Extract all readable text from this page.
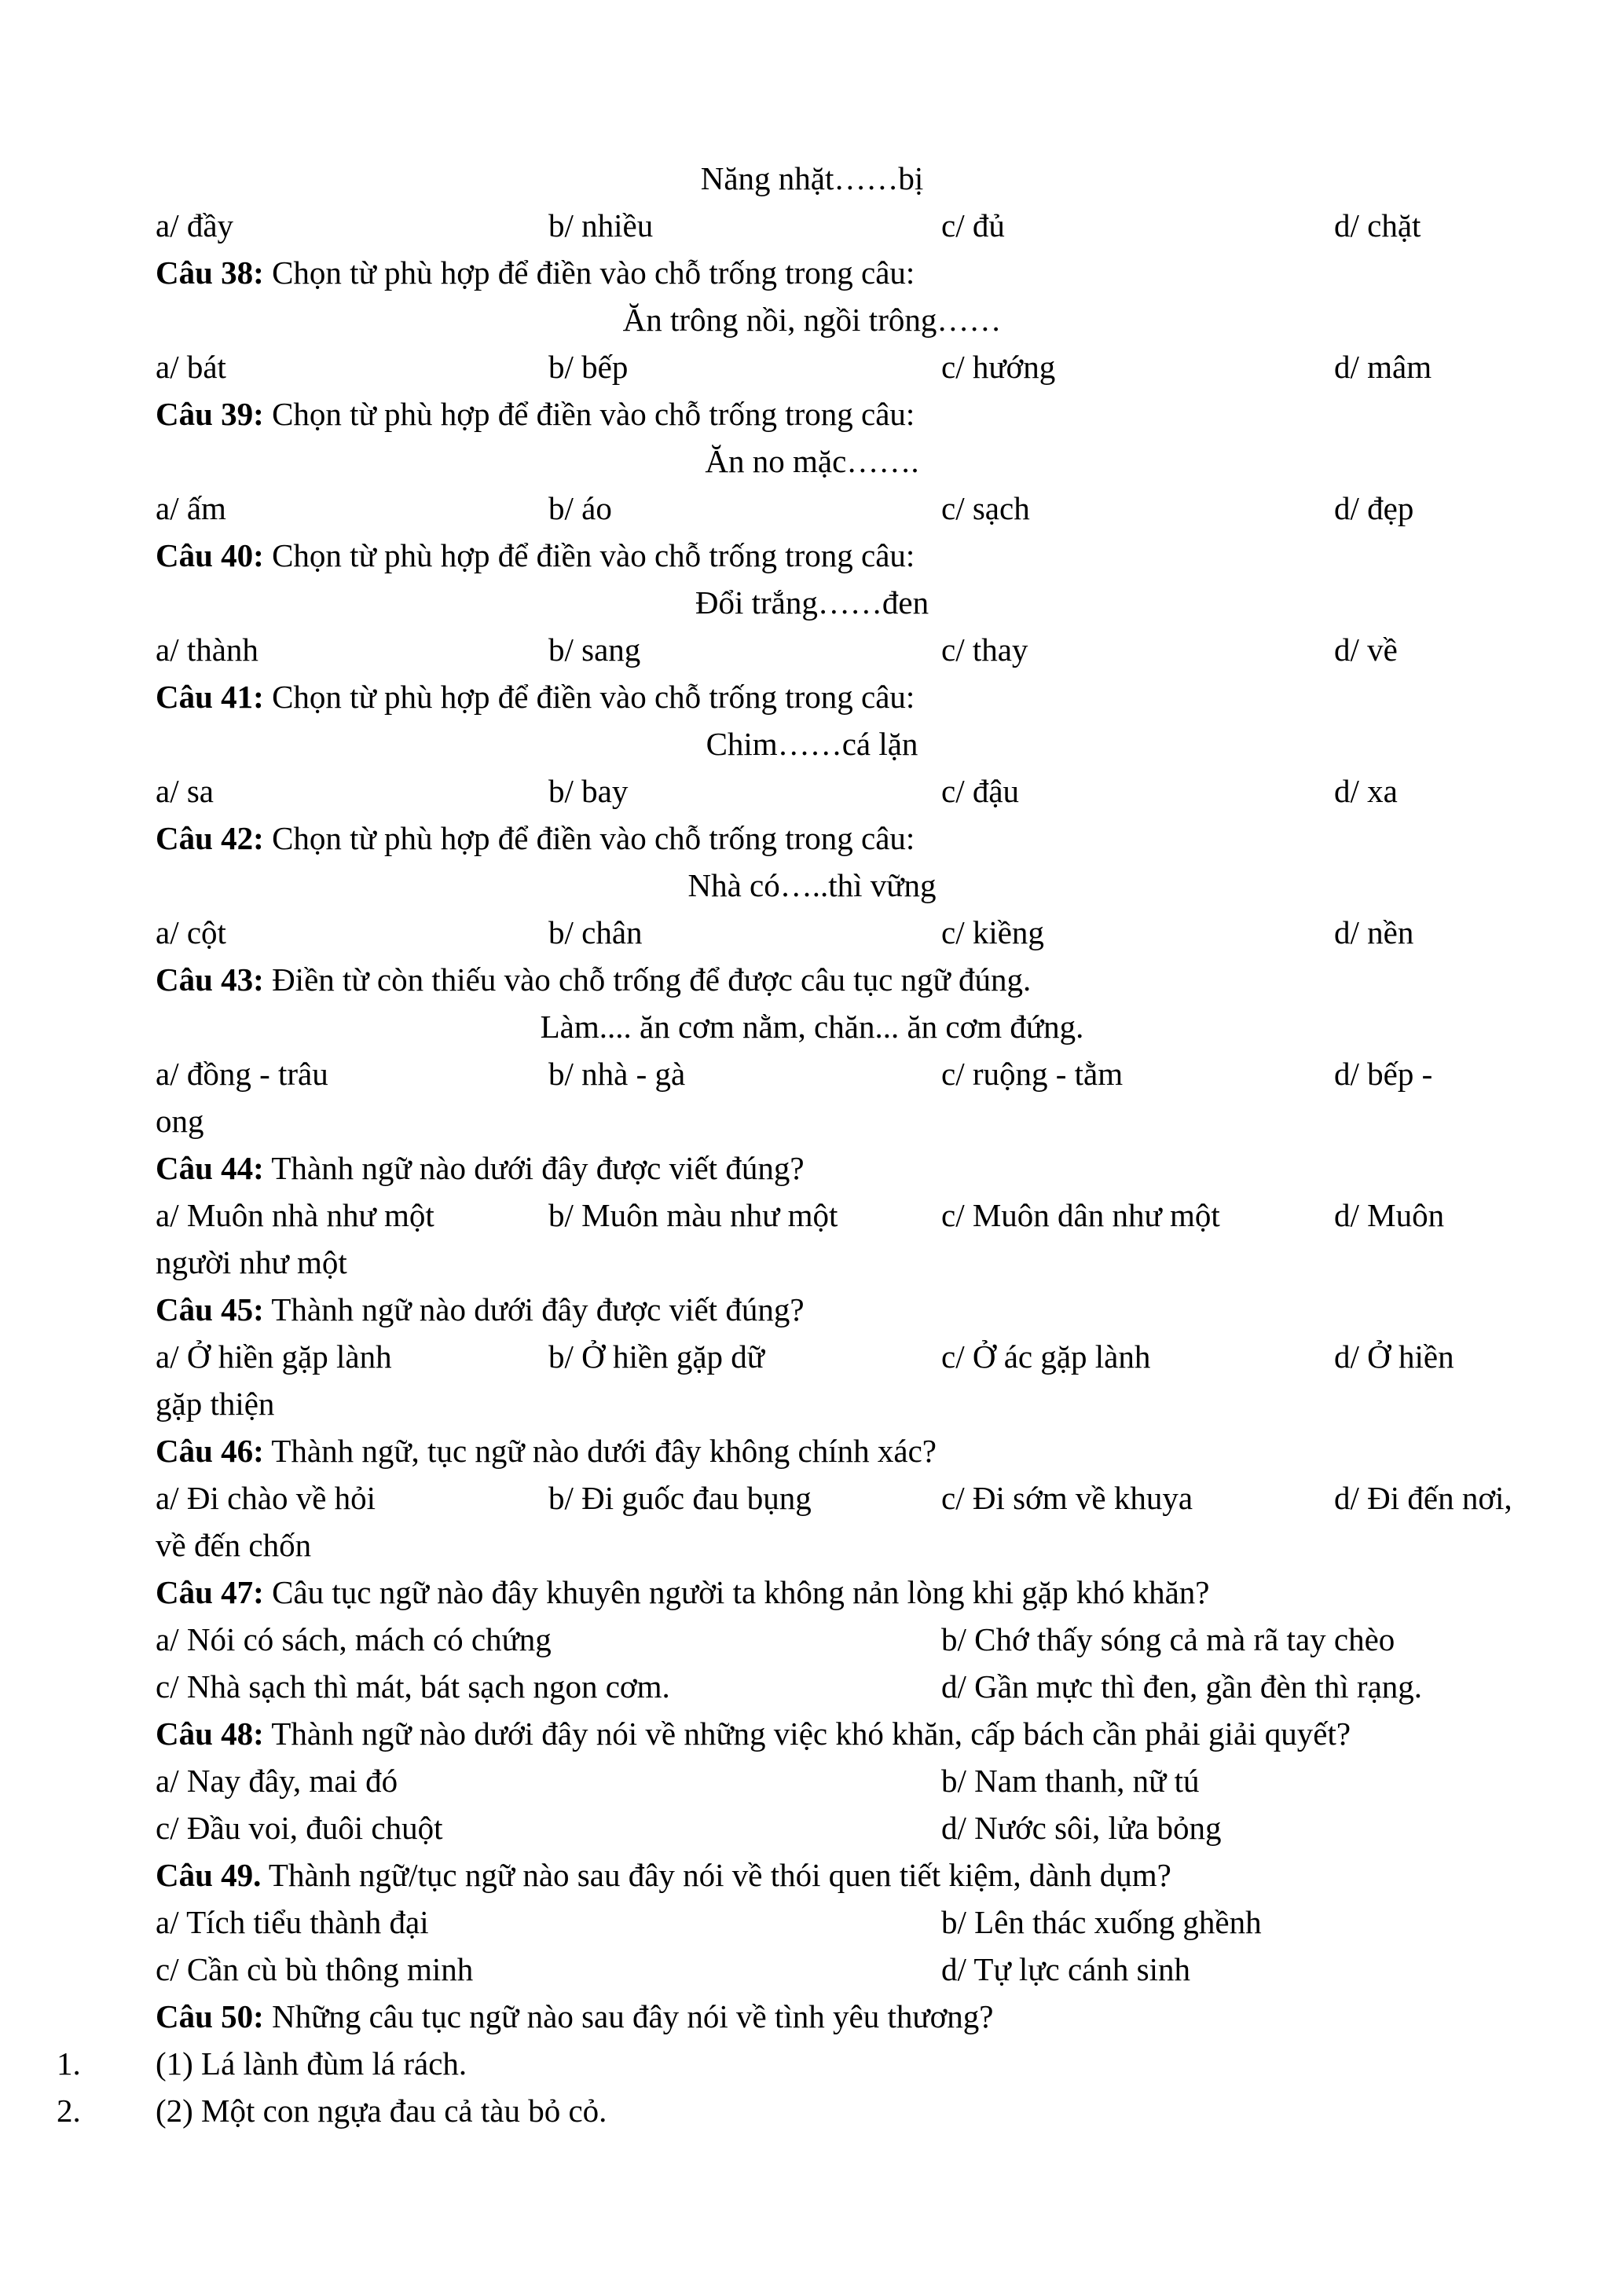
Năng nhặt……bị
a/ đầy	b/ nhiều	c/ đủ	d/ chặt
Câu 38: Chọn từ phù hợp để điền vào chỗ trống trong câu:
Ăn trông nồi, ngồi trông……
a/ bát	b/ bếp	c/ hướng	d/ mâm
Câu 39: Chọn từ phù hợp để điền vào chỗ trống trong câu:
Ăn no mặc…….
a/ ấm	b/ áo	c/ sạch	d/ đẹp
Câu 40: Chọn từ phù hợp để điền vào chỗ trống trong câu:
Đổi trắng……đen
a/ thành	b/ sang	c/ thay	d/ về
Câu 41: Chọn từ phù hợp để điền vào chỗ trống trong câu:
Chim……cá lặn
a/ sa	b/ bay	c/ đậu	d/ xa
Câu 42: Chọn từ phù hợp để điền vào chỗ trống trong câu:
Nhà có…..thì vững
a/ cột	b/ chân	c/ kiềng	d/ nền
Câu 43: Điền từ còn thiếu vào chỗ trống để được câu tục ngữ đúng.
Làm.... ăn cơm nằm, chăn... ăn cơm đứng.
a/ đồng - trâu	b/ nhà - gà	c/ ruộng - tằm	d/ bếp -
ong
Câu 44: Thành ngữ nào dưới đây được viết đúng?
a/ Muôn nhà như một	b/ Muôn màu như một	c/ Muôn dân như một	d/ Muôn
người như một
Câu 45: Thành ngữ nào dưới đây được viết đúng?
a/ Ở hiền gặp lành	b/ Ở hiền gặp dữ	c/ Ở ác gặp lành	d/ Ở hiền
gặp thiện
Câu 46: Thành ngữ, tục ngữ nào dưới đây không chính xác?
a/ Đi chào về hỏi	b/ Đi guốc đau bụng	c/ Đi sớm về khuya	d/ Đi đến nơi,
về đến chốn
Câu 47: Câu tục ngữ nào đây khuyên người ta không nản lòng khi gặp khó khăn?
a/ Nói có sách, mách có chứng	b/ Chớ thấy sóng cả mà rã tay chèo
c/ Nhà sạch thì mát, bát sạch ngon cơm.	d/ Gần mực thì đen, gần đèn thì rạng.
Câu 48: Thành ngữ nào dưới đây nói về những việc khó khăn, cấp bách cần phải giải quyết?
a/ Nay đây, mai đó	b/ Nam thanh, nữ tú
c/ Đầu voi, đuôi chuột	d/ Nước sôi, lửa bỏng
Câu 49. Thành ngữ/tục ngữ nào sau đây nói về thói quen tiết kiệm, dành dụm?
a/ Tích tiểu thành đại	b/ Lên thác xuống ghềnh
c/ Cần cù bù thông minh	d/ Tự lực cánh sinh
Câu 50: Những câu tục ngữ nào sau đây nói về tình yêu thương?
1. (1) Lá lành đùm lá rách.
2. (2) Một con ngựa đau cả tàu bỏ cỏ.
